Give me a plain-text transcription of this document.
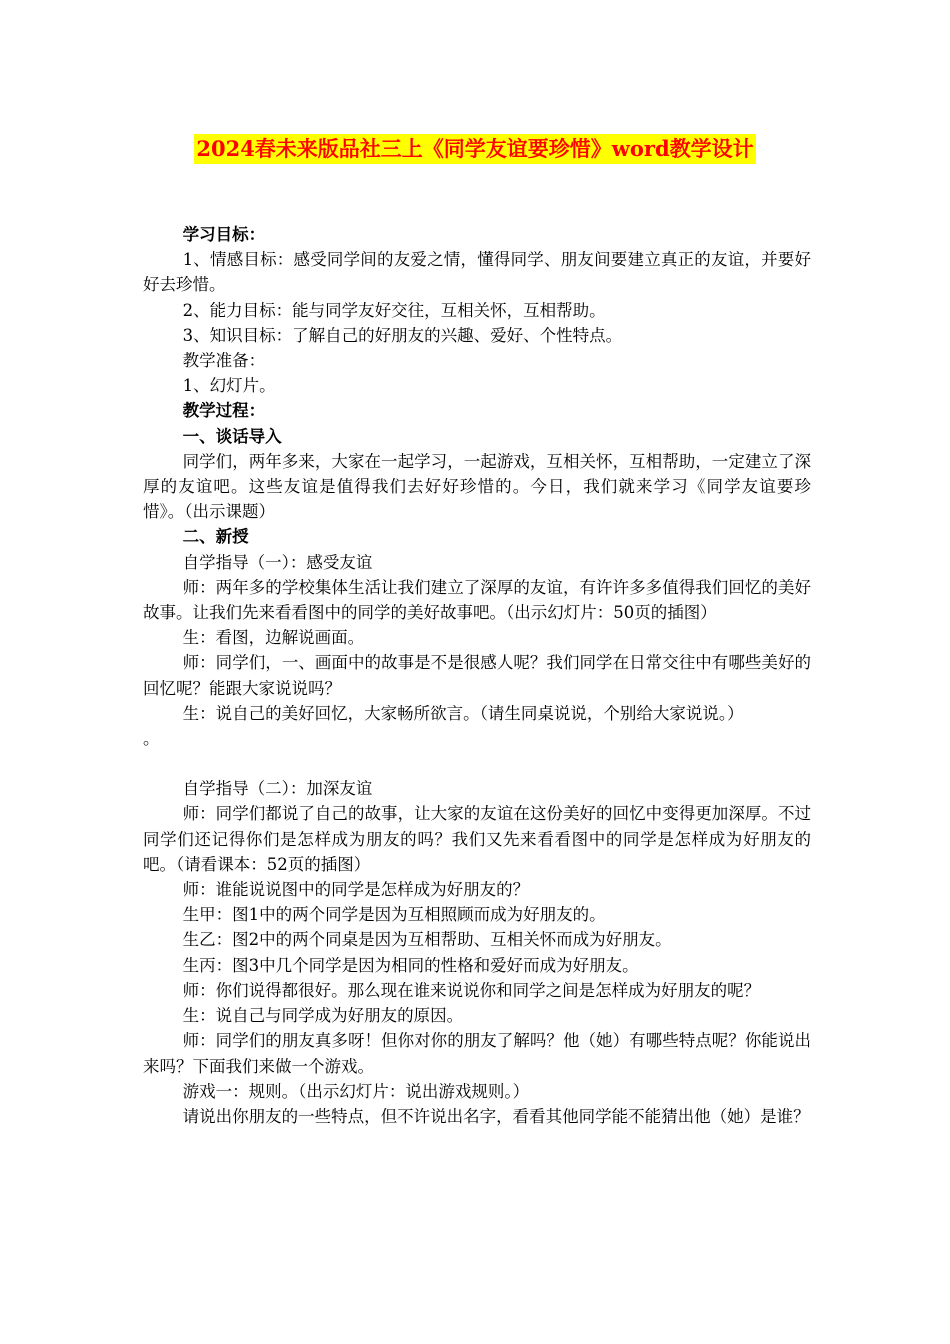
2024春未来版品社三上《同学友谊要珍惜》word教学设计

学习目标：

1、情感目标：感受同学间的友爱之情，懂得同学、朋友间要建立真正的友谊，并要好好去珍惜。

2、能力目标：能与同学友好交往，互相关怀，互相帮助。

3、知识目标：了解自己的好朋友的兴趣、爱好、个性特点。

教学准备：

1、幻灯片。

教学过程：

一、谈话导入

同学们，两年多来，大家在一起学习，一起游戏，互相关怀，互相帮助，一定建立了深厚的友谊吧。这些友谊是值得我们去好好珍惜的。今日，我们就来学习《同学友谊要珍惜》。（出示课题）

二、新授

自学指导（一）：感受友谊

师：两年多的学校集体生活让我们建立了深厚的友谊，有许许多多值得我们回忆的美好故事。让我们先来看看图中的同学的美好故事吧。（出示幻灯片：50页的插图）

生：看图，边解说画面。

师：同学们，一、画面中的故事是不是很感人呢？我们同学在日常交往中有哪些美好的回忆呢？能跟大家说说吗？

生：说自己的美好回忆，大家畅所欲言。（请生同桌说说，个别给大家说说。）

。

自学指导（二）：加深友谊

师：同学们都说了自己的故事，让大家的友谊在这份美好的回忆中变得更加深厚。不过同学们还记得你们是怎样成为朋友的吗？我们又先来看看图中的同学是怎样成为好朋友的吧。（请看课本：52页的插图）

师：谁能说说图中的同学是怎样成为好朋友的？

生甲：图1中的两个同学是因为互相照顾而成为好朋友的。

生乙：图2中的两个同桌是因为互相帮助、互相关怀而成为好朋友。

生丙：图3中几个同学是因为相同的性格和爱好而成为好朋友。

师：你们说得都很好。那么现在谁来说说你和同学之间是怎样成为好朋友的呢？

生：说自己与同学成为好朋友的原因。

师：同学们的朋友真多呀！但你对你的朋友了解吗？他（她）有哪些特点呢？你能说出来吗？下面我们来做一个游戏。

游戏一：规则。（出示幻灯片：说出游戏规则。）

请说出你朋友的一些特点，但不许说出名字，看看其他同学能不能猜出他（她）是谁？
